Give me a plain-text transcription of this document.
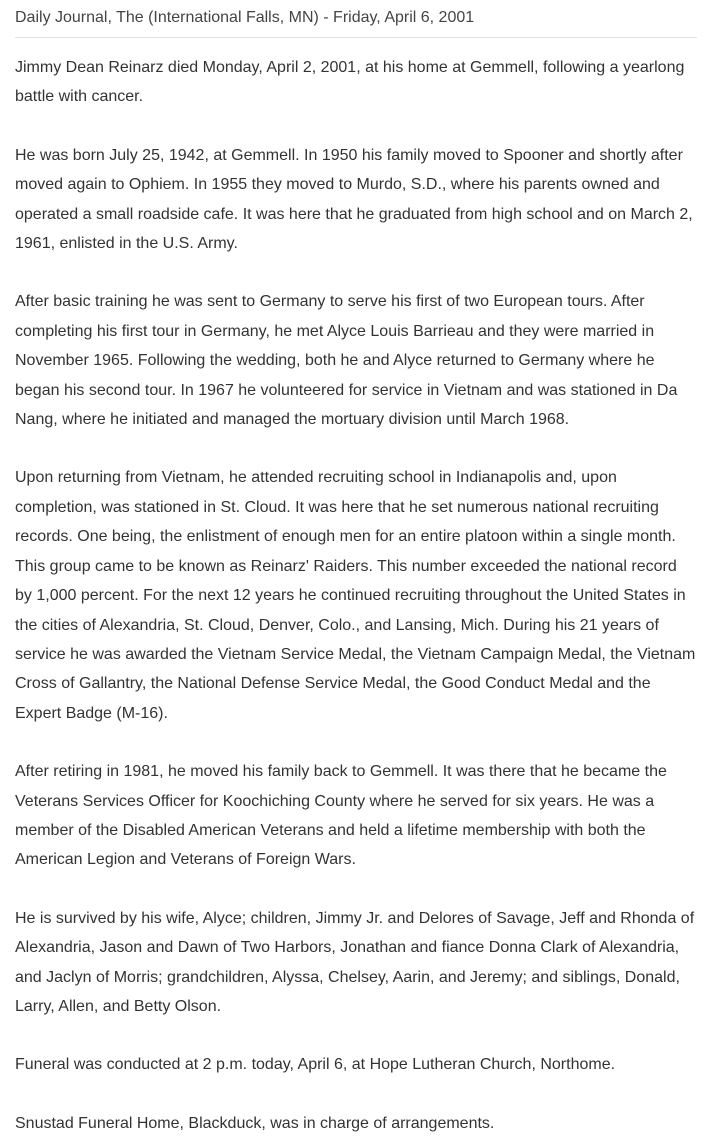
Daily Journal, The (International Falls, MN) - Friday, April 6, 2001

Jimmy Dean Reinarz died Monday, April 2, 2001, at his home at Gemmell, following a yearlong battle with cancer.

He was born July 25, 1942, at Gemmell. In 1950 his family moved to Spooner and shortly after moved again to Ophiem. In 1955 they moved to Murdo, S.D., where his parents owned and operated a small roadside cafe. It was here that he graduated from high school and on March 2, 1961, enlisted in the U.S. Army.

After basic training he was sent to Germany to serve his first of two European tours. After completing his first tour in Germany, he met Alyce Louis Barrieau and they were married in November 1965. Following the wedding, both he and Alyce returned to Germany where he began his second tour. In 1967 he volunteered for service in Vietnam and was stationed in Da Nang, where he initiated and managed the mortuary division until March 1968.

Upon returning from Vietnam, he attended recruiting school in Indianapolis and, upon completion, was stationed in St. Cloud. It was here that he set numerous national recruiting records. One being, the enlistment of enough men for an entire platoon within a single month. This group came to be known as Reinarz' Raiders. This number exceeded the national record by 1,000 percent. For the next 12 years he continued recruiting throughout the United States in the cities of Alexandria, St. Cloud, Denver, Colo., and Lansing, Mich. During his 21 years of service he was awarded the Vietnam Service Medal, the Vietnam Campaign Medal, the Vietnam Cross of Gallantry, the National Defense Service Medal, the Good Conduct Medal and the Expert Badge (M-16).

After retiring in 1981, he moved his family back to Gemmell. It was there that he became the Veterans Services Officer for Koochiching County where he served for six years. He was a member of the Disabled American Veterans and held a lifetime membership with both the American Legion and Veterans of Foreign Wars.

He is survived by his wife, Alyce; children, Jimmy Jr. and Delores of Savage, Jeff and Rhonda of Alexandria, Jason and Dawn of Two Harbors, Jonathan and fiance Donna Clark of Alexandria, and Jaclyn of Morris; grandchildren, Alyssa, Chelsey, Aarin, and Jeremy; and siblings, Donald, Larry, Allen, and Betty Olson.

Funeral was conducted at 2 p.m. today, April 6, at Hope Lutheran Church, Northome.

Snustad Funeral Home, Blackduck, was in charge of arrangements.
